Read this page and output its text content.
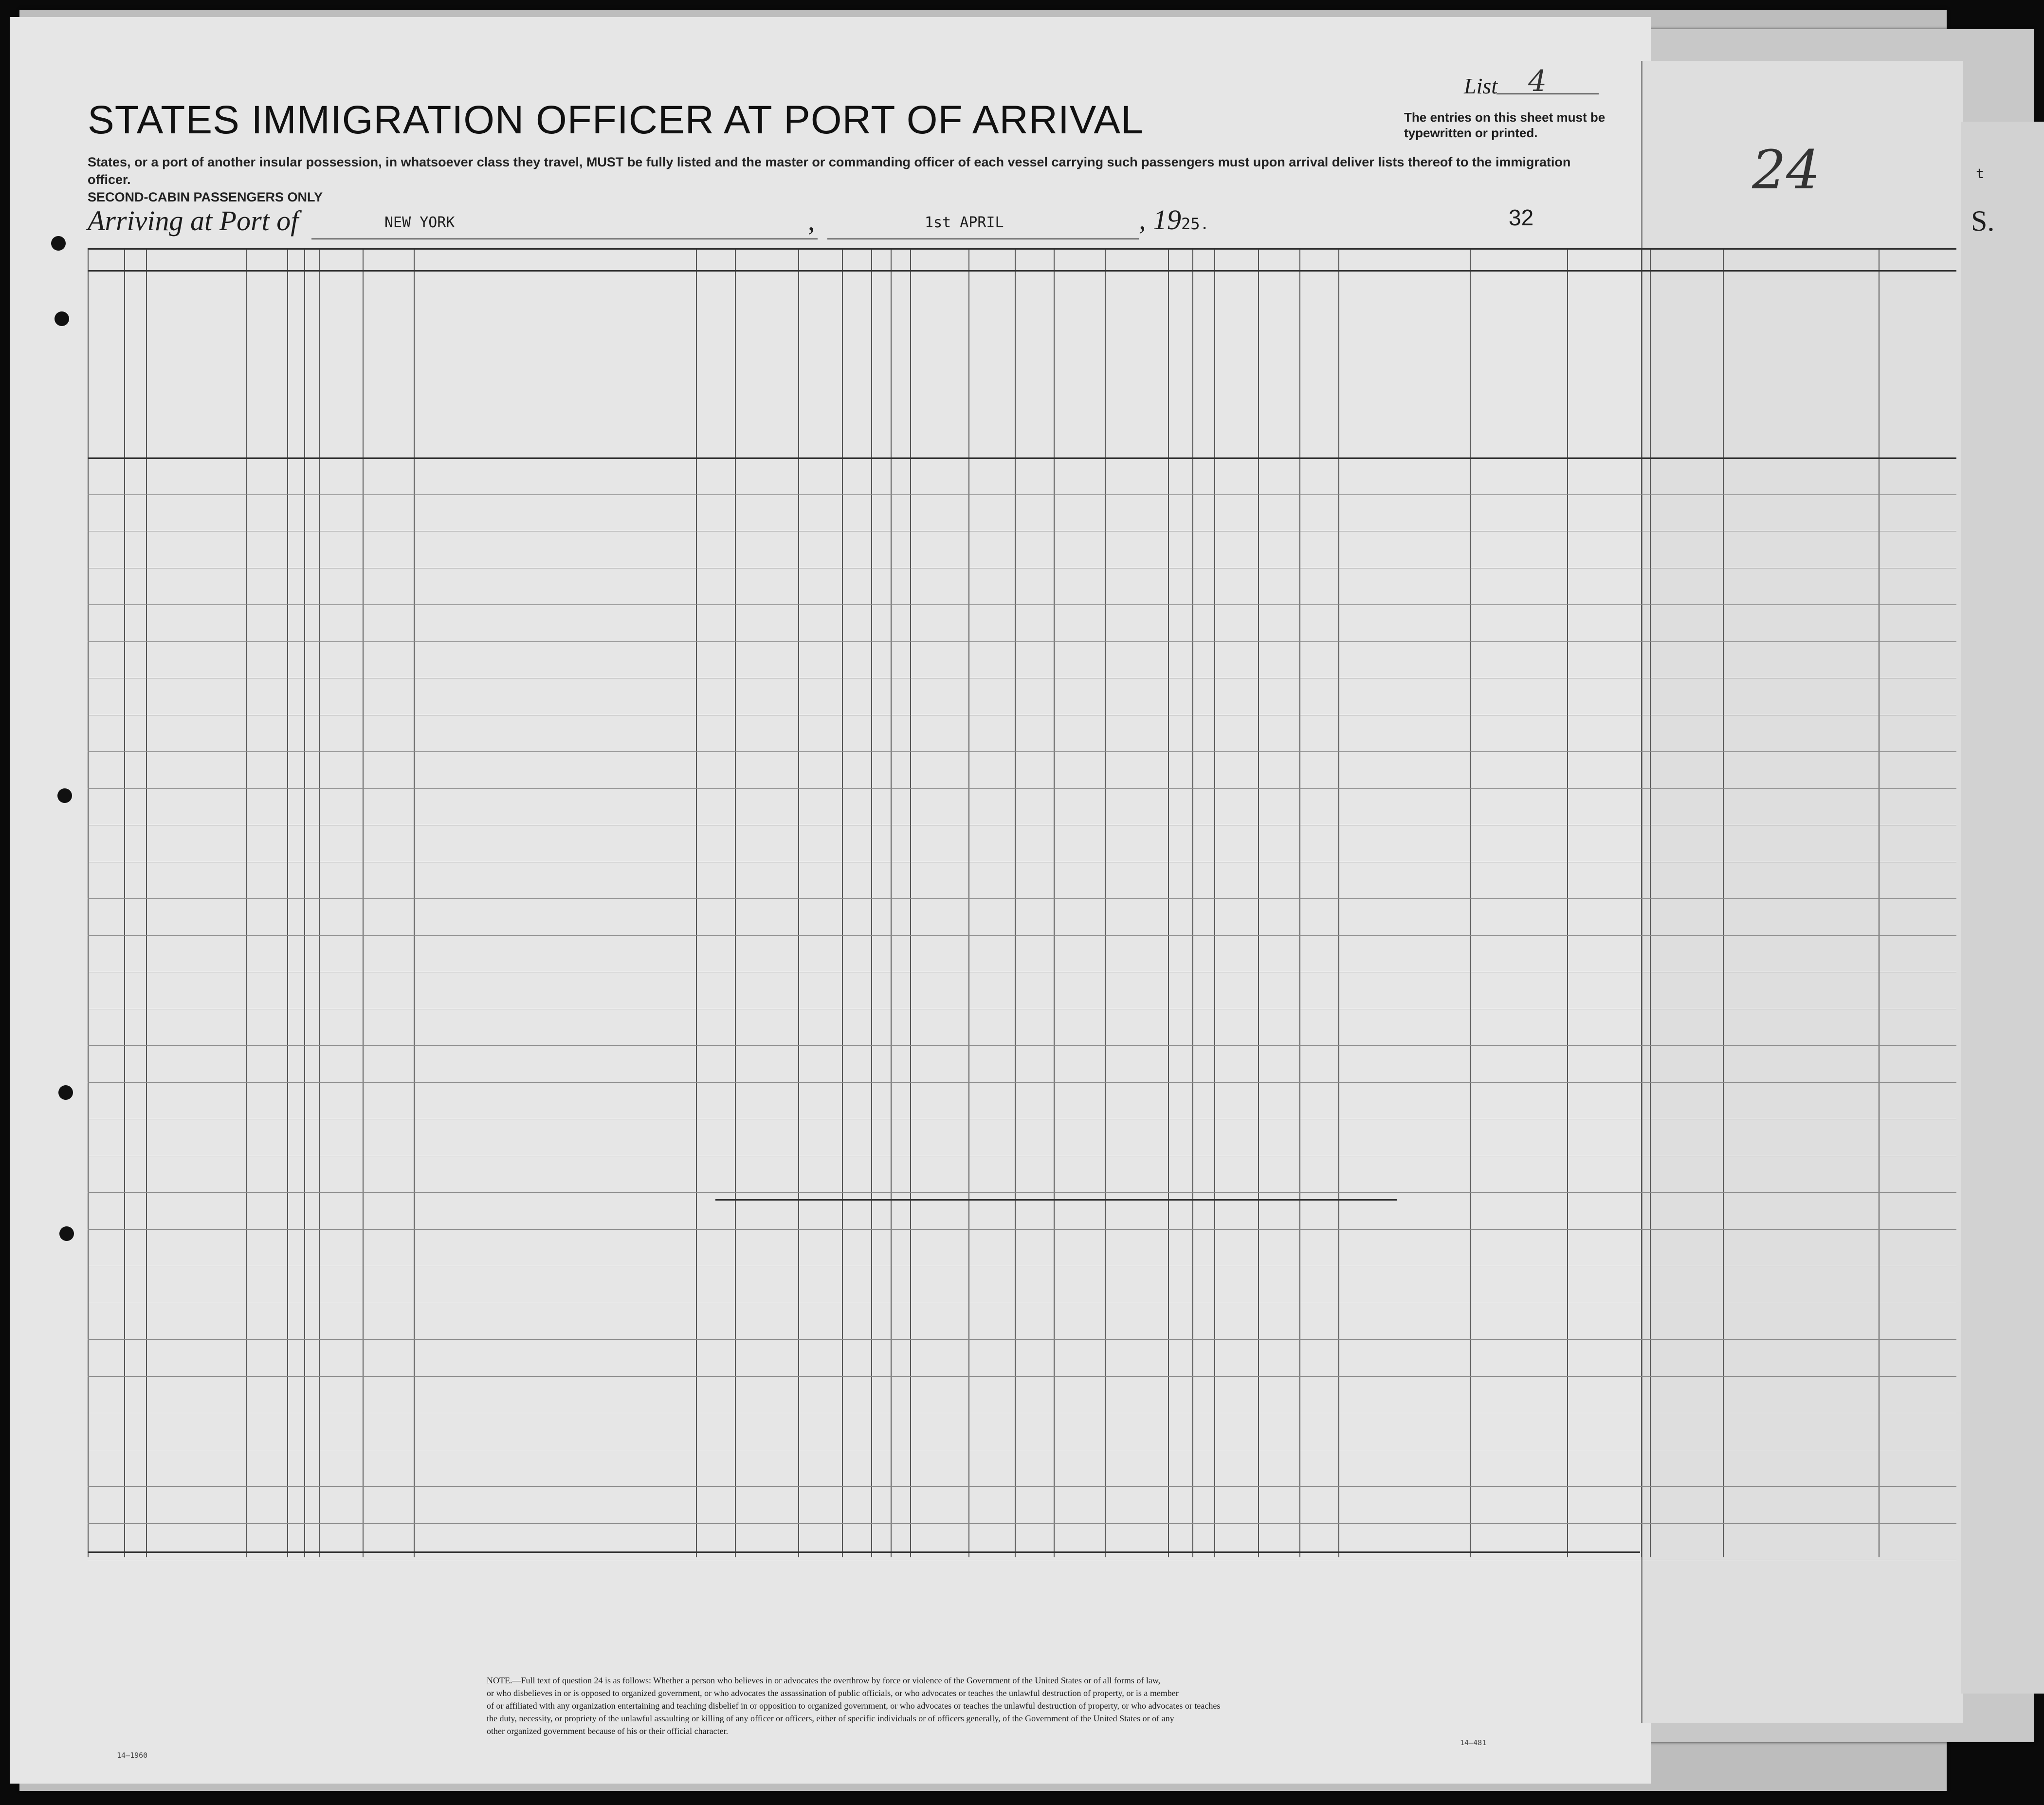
STATES IMMIGRATION OFFICER AT PORT OF ARRIVAL
States, or a port of another insular possession, in whatsoever class they travel, MUST be fully listed and the master or commanding officer of each vessel carrying such passengers must upon arrival deliver lists thereof to the immigration officer.
SECOND-CABIN PASSENGERS ONLY
List 4
The entries on this sheet must be typewritten or printed.
Arriving at Port of	NEW YORK	,	1st APRIL	, 1925.	32
24	t
S.
NOTE.—Full text of question 24 is as follows: Whether a person who believes in or advocates the overthrow by force or violence of the Government of the United States or of all forms of law,
or who disbelieves in or is opposed to organized government, or who advocates the assassination of public officials, or who advocates or teaches the unlawful destruction of property, or is a member
of or affiliated with any organization entertaining and teaching disbelief in or opposition to organized government, or who advocates or teaches the unlawful destruction of property, or who advocates or teaches
the duty, necessity, or propriety of the unlawful assaulting or killing of any officer or officers, either of specific individuals or of officers generally, of the Government of the United States or of any
other organized government because of his or their official character.
14—481
14—1960
